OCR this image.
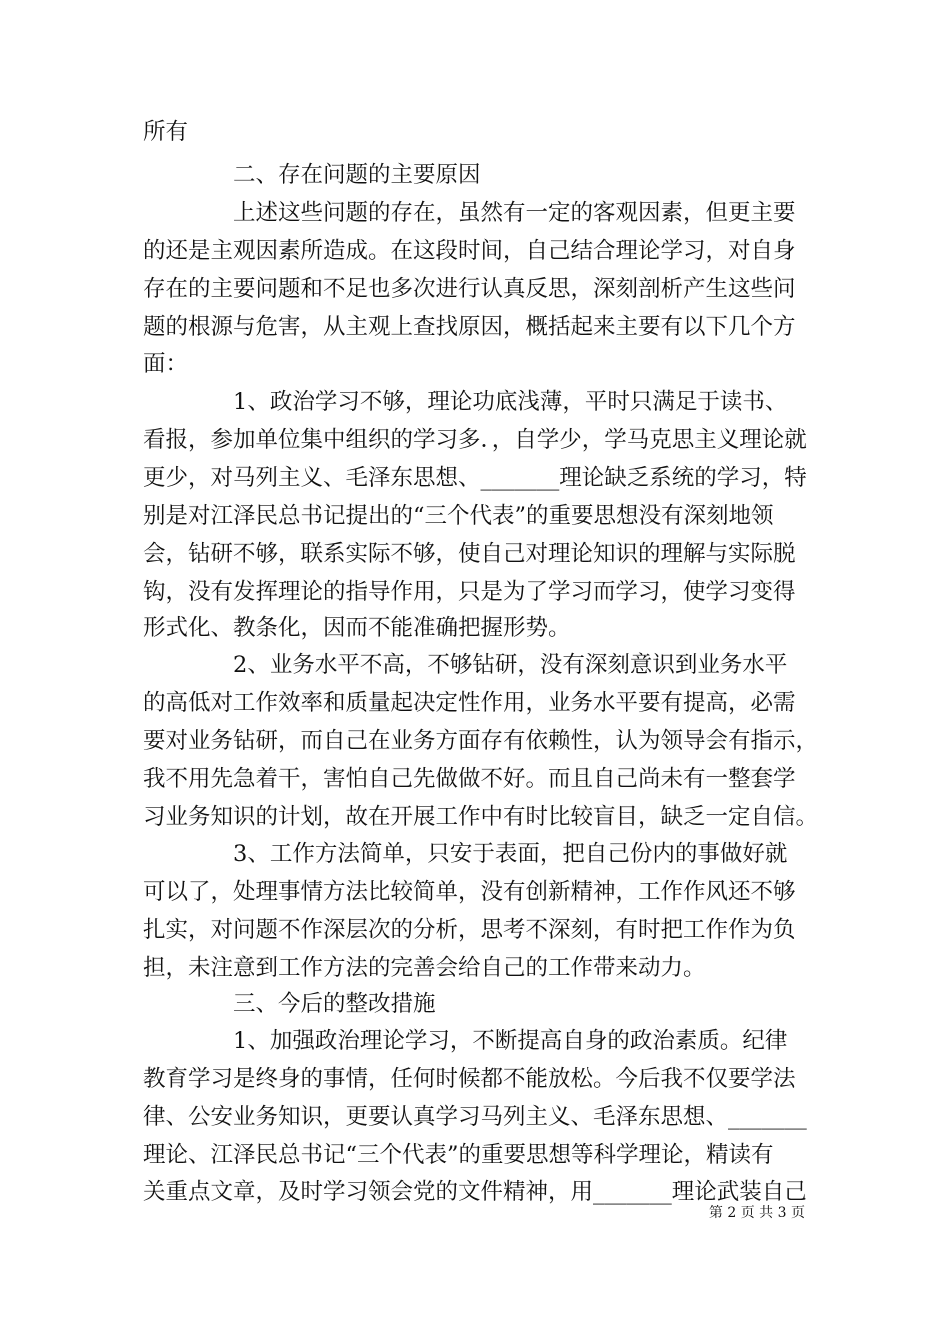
所有
　　　　二、存在问题的主要原因
　　　　上述这些问题的存在，虽然有一定的客观因素，但更主要
的还是主观因素所造成。在这段时间，自己结合理论学习，对自身
存在的主要问题和不足也多次进行认真反思，深刻剖析产生这些问
题的根源与危害，从主观上查找原因，概括起来主要有以下几个方
面：
　　　　1、政治学习不够，理论功底浅薄，平时只满足于读书、
看报，参加单位集中组织的学习多．，自学少，学马克思主义理论就
更少，对马列主义、毛泽东思想、_______理论缺乏系统的学习，特
别是对江泽民总书记提出的“三个代表”的重要思想没有深刻地领
会，钻研不够，联系实际不够，使自己对理论知识的理解与实际脱
钩，没有发挥理论的指导作用，只是为了学习而学习，使学习变得
形式化、教条化，因而不能准确把握形势。
　　　　2、业务水平不高，不够钻研，没有深刻意识到业务水平
的高低对工作效率和质量起决定性作用，业务水平要有提高，必需
要对业务钻研，而自己在业务方面存有依赖性，认为领导会有指示，
我不用先急着干，害怕自己先做做不好。而且自己尚未有一整套学
习业务知识的计划，故在开展工作中有时比较盲目，缺乏一定自信。
　　　　3、工作方法简单，只安于表面，把自己份内的事做好就
可以了，处理事情方法比较简单，没有创新精神，工作作风还不够
扎实，对问题不作深层次的分析，思考不深刻，有时把工作作为负
担，未注意到工作方法的完善会给自己的工作带来动力。
　　　　三、今后的整改措施
　　　　1、加强政治理论学习，不断提高自身的政治素质。纪律
教育学习是终身的事情，任何时候都不能放松。今后我不仅要学法
律、公安业务知识，更要认真学习马列主义、毛泽东思想、_______
理论、江泽民总书记“三个代表”的重要思想等科学理论，精读有
关重点文章，及时学习领会党的文件精神，用_______理论武装自己
第 2 页 共 3 页
